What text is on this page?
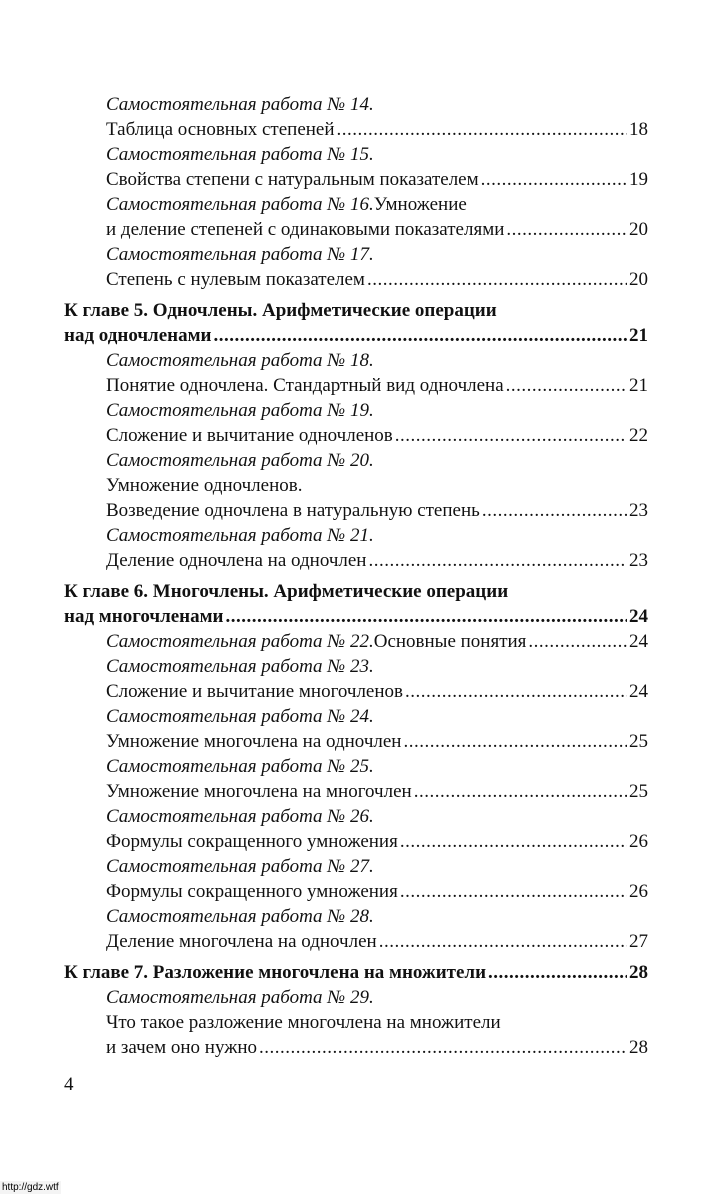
Самостоятельная работа № 14.
Таблица основных степеней .....	18
Самостоятельная работа № 15.
Свойства степени с натуральным показателем .....	19
Самостоятельная работа № 16. Умножение
и деление степеней с одинаковыми показателями .....	20
Самостоятельная работа № 17.
Степень с нулевым показателем .....	20
К главе 5. Одночлены. Арифметические операции
над одночленами .....	21
Самостоятельная работа № 18.
Понятие одночлена. Стандартный вид одночлена .....	21
Самостоятельная работа № 19.
Сложение и вычитание одночленов .....	22
Самостоятельная работа № 20.
Умножение одночленов.
Возведение одночлена в натуральную степень .....	23
Самостоятельная работа № 21.
Деление одночлена на одночлен .....	23
К главе 6. Многочлены. Арифметические операции
над многочленами .....	24
Самостоятельная работа № 22. Основные понятия .....	24
Самостоятельная работа № 23.
Сложение и вычитание многочленов .....	24
Самостоятельная работа № 24.
Умножение многочлена на одночлен .....	25
Самостоятельная работа № 25.
Умножение многочлена на многочлен .....	25
Самостоятельная работа № 26.
Формулы сокращенного умножения .....	26
Самостоятельная работа № 27.
Формулы сокращенного умножения .....	26
Самостоятельная работа № 28.
Деление многочлена на одночлен .....	27
К главе 7. Разложение многочлена на множители .....	28
Самостоятельная работа № 29.
Что такое разложение многочлена на множители
и зачем оно нужно .....	28
4
http://gdz.wtf
